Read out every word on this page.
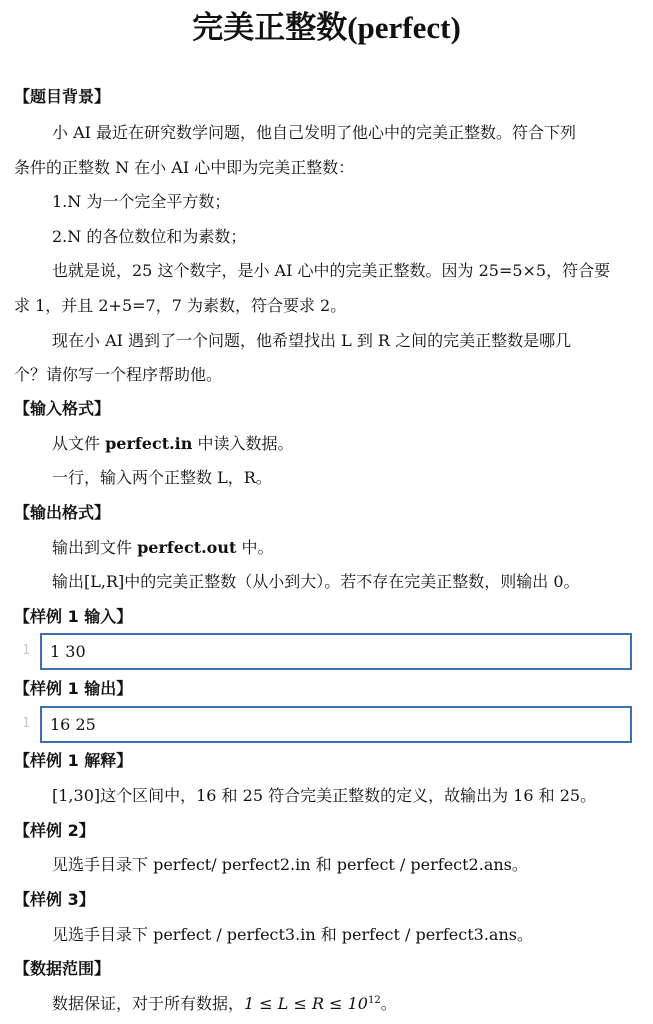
完美正整数(perfect)
【题目背景】
小 AI 最近在研究数学问题，他自己发明了他心中的完美正整数。符合下列
条件的正整数 N 在小 AI 心中即为完美正整数：
1.N 为一个完全平方数；
2.N 的各位数位和为素数；
也就是说，25 这个数字，是小 AI 心中的完美正整数。因为 25=5×5，符合要
求 1，并且 2+5=7，7 为素数，符合要求 2。
现在小 AI 遇到了一个问题，他希望找出 L 到 R 之间的完美正整数是哪几
个？请你写一个程序帮助他。
【输入格式】
从文件 perfect.in 中读入数据。
一行，输入两个正整数 L，R。
【输出格式】
输出到文件 perfect.out 中。
输出[L,R]中的完美正整数（从小到大）。若不存在完美正整数，则输出 0。
【样例 1 输入】
1	1 30
【样例 1 输出】
1	16 25
【样例 1 解释】
[1,30]这个区间中，16 和 25 符合完美正整数的定义，故输出为 16 和 25。
【样例 2】
见选手目录下 perfect/ perfect2.in 和 perfect / perfect2.ans。
【样例 3】
见选手目录下 perfect / perfect3.in 和 perfect / perfect3.ans。
【数据范围】
数据保证，对于所有数据，$1 \le L \le R \le 10^{12}$。
